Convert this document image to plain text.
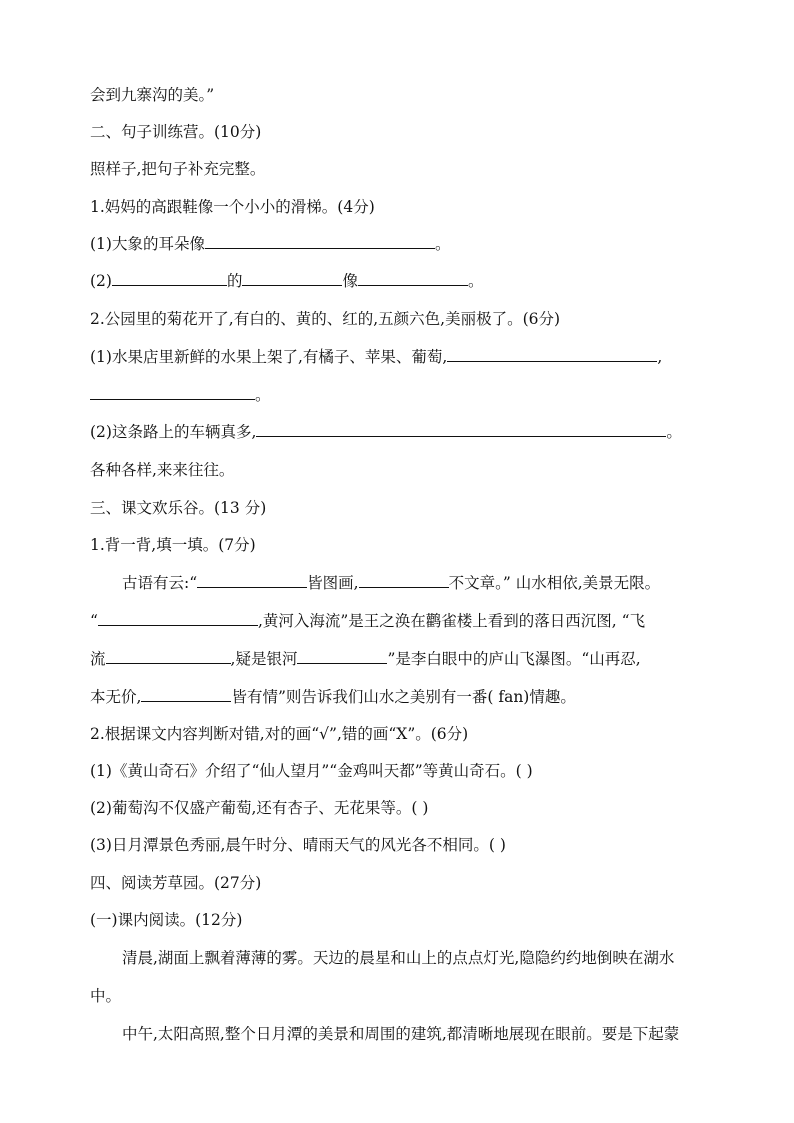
会到九寨沟的美。”
二、句子训练营。(10分)
照样子,把句子补充完整。
1.妈妈的高跟鞋像一个小小的滑梯。(4分)
(1)大象的耳朵像	。
(2)	的	像	。
2.公园里的菊花开了,有白的、黄的、红的,五颜六色,美丽极了。(6分)
(1)水果店里新鲜的水果上架了,有橘子、苹果、葡萄,	,
。
(2)这条路上的车辆真多,	。
各种各样,来来往往。
三、课文欢乐谷。(13 分)
1.背一背,填一填。(7分)
古语有云:“	皆图画,	不文章。” 山水相依,美景无限。
“	,黄河入海流”是王之涣在鹳雀楼上看到的落日西沉图, “飞
流	,疑是银河	”是李白眼中的庐山飞瀑图。“山再忍,
本无价,	皆有情”则告诉我们山水之美别有一番( fan)情趣。
2.根据课文内容判断对错,对的画“√”,错的画“X”。(6分)
(1)《黄山奇石》介绍了“仙人望月”“金鸡叫天都”等黄山奇石。( )
(2)葡萄沟不仅盛产葡萄,还有杏子、无花果等。( )
(3)日月潭景色秀丽,晨午时分、晴雨天气的风光各不相同。( )
四、阅读芳草园。(27分)
(一)课内阅读。(12分)
清晨,湖面上飘着薄薄的雾。天边的晨星和山上的点点灯光,隐隐约约地倒映在湖水
中。
中午,太阳高照,整个日月潭的美景和周围的建筑,都清晰地展现在眼前。要是下起蒙
